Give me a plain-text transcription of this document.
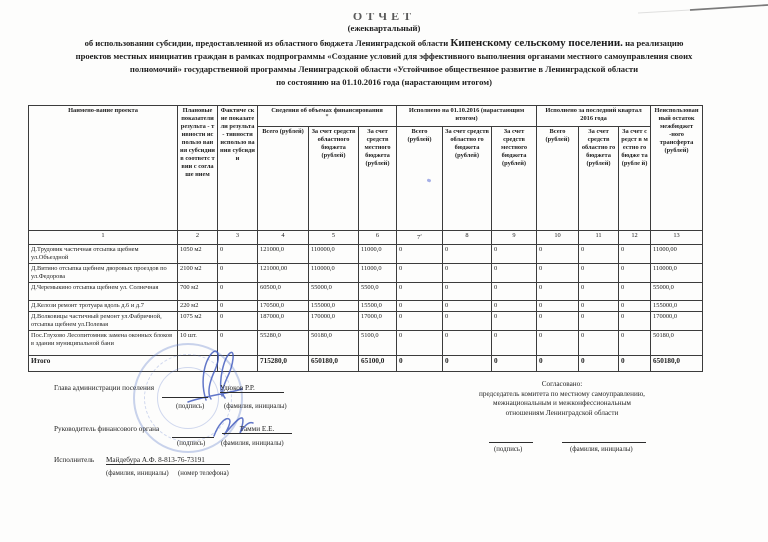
ОТЧЕТ
(ежеквартальный)
об использовании субсидии, предоставленной из областного бюджета Ленинградской области Кипенскому сельскому поселении. на реализацию
проектов местных инициатив граждан в рамках подпрограммы «Создание условий для эффективного выполнения органами местного самоуправления своих
полномочий» государственной программы Ленинградской области «Устойчивое общественное развитие в Ленинградской области
по состоянию на 01.10.2016 года (нарастающим итогом)
Наимено-вание проекта	Плановые показатели результа - тивности использо вания субсидии в соответс твии с соглаше нием	Фактиче ские показате ли результа - тивности использо вания субсидии	Сведения об объемах финансирования
*			Исполнено на 01.10.2016 (нарастающим итогом)			Исполнено за последний квартал 2016 года			Неиспользованный остаток межбюджет -ного трансферта (рублей)
			Всего (рублей)	За счет средств областного бюджета (рублей)	За счет средств местного бюджета (рублей)	Всего (рублей)	За счет средств областно го бюджета (рублей)	За счет средств местного бюджета (рублей)	Всего (рублей)	За счет средств областно го бюджета (рублей)	За счет средст в местно го бюдже та (рубле й)	
1	2	3	4	5	6	7$^z$	8	9	10	11	12	13
Д.Трудовик частичная отсыпка щебнем ул.Объездной	1050 м2	0	121000,0	110000,0	11000,0	0	0	0	0	0	0	11000,00
Д.Витино отсыпка щебнем дворовых проездов по ул.Федорова	2100 м2	0	121000,00	110000,0	11000,0	0	0	0	0	0	0	110000,0
Д.Черемыкино отсыпка щебнем ул. Солнечная	700 м2	0	60500,0	55000,0	5500,0	0	0	0	0	0	0	55000,0
Д.Келози ремонт тротуара вдоль д.6 и д.7	220 м2	0	170500,0	155000,0	15500,0	0	0	0	0	0	0	155000,0
Д.Волковицы частичный ремонт ул.Фабричной, отсыпка щебнем ул.Полевая	1075 м2	0	187000,0	170000,0	17000,0	0	0	0	0	0	0	170000,0
Пос.Глухово Лесопитомник замена оконных блоков в здании муниципальной бани	10 шт.	0	55280,0	50180,0	5100,0	0	0	0	0	0	0	50180,0
Итого			715280,0	650180,0	65100,0	0	0	0	0	0	0	650180,0
Глава администрации поселения	Удюков Р.Р.
(подпись)	(фамилия, инициалы)
Руководитель финансового органа	Тамми Е.Е.
(подпись) (фамилия, инициалы)
Исполнитель Майдебура А.Ф. 8-813-76-73191
(фамилия, инициалы) (номер телефона)
Согласовано:
председатель комитета по местному самоуправлению,
межнациональным и межконфессиональным
отношениям Ленинградской области
(подпись)	(фамилия, инициалы)
